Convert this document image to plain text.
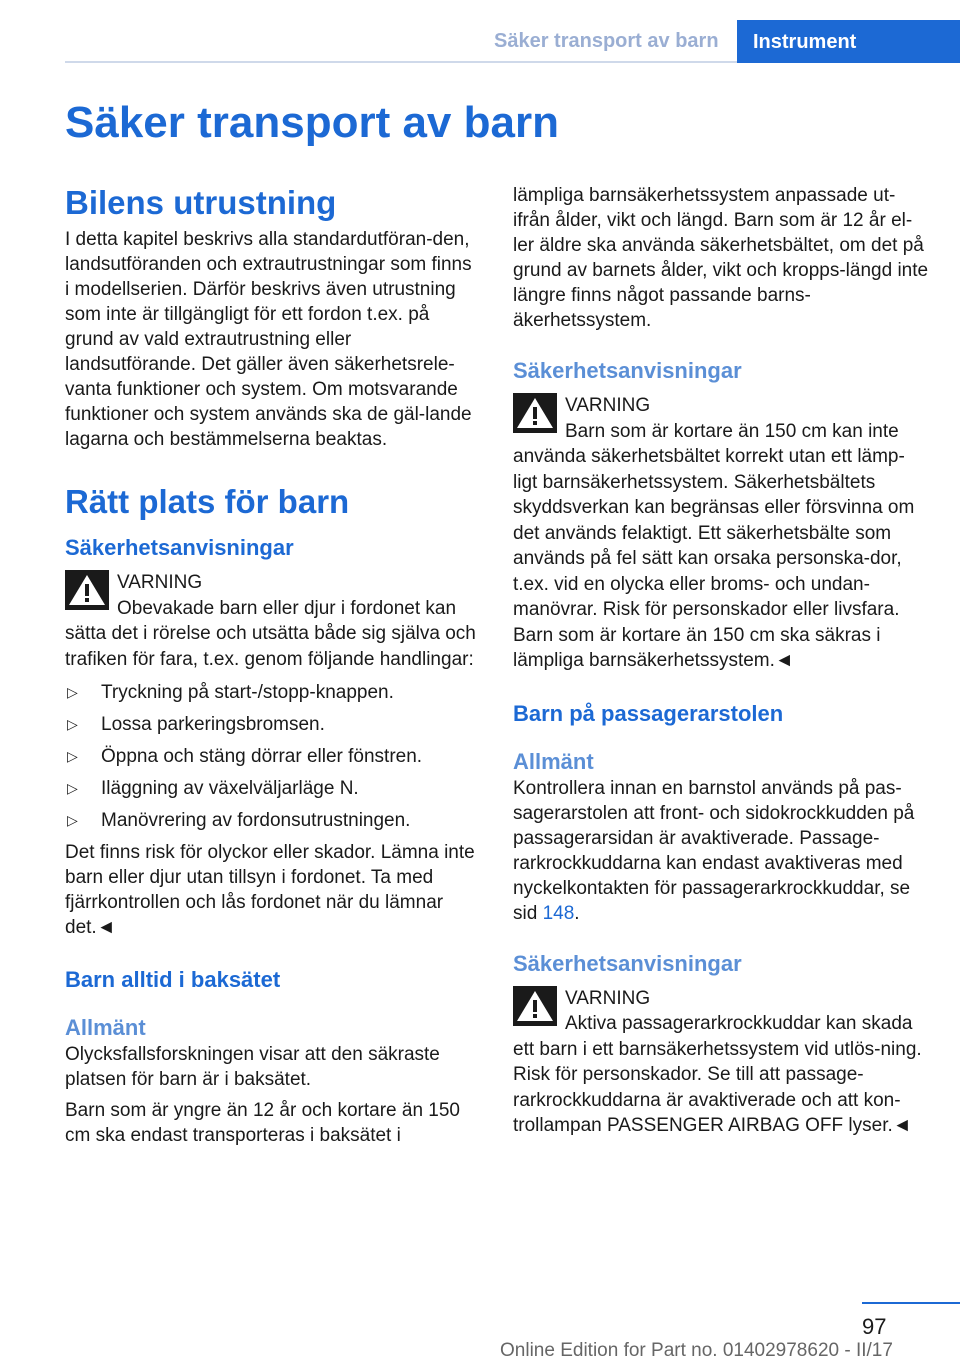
Säker transport av barn	Instrument
Säker transport av barn
Bilens utrustning

I detta kapitel beskrivs alla standardutföran-den, landsutföranden och extrautrustningar som finns i modellserien. Därför beskrivs även utrustning som inte är tillgängligt för ett fordon t.ex. på grund av vald extrautrustning eller landsutförande. Det gäller även säkerhetsrele-vanta funktioner och system. Om motsvarande funktioner och system används ska de gäl-lande lagarna och bestämmelserna beaktas.

Rätt plats för barn
Säkerhetsanvisningar
VARNING
Obevakade barn eller djur i fordonet kan sätta det i rörelse och utsätta både sig själva och trafiken för fara, t.ex. genom följande handlingar:
▷ Tryckning på start-/stopp-knappen.
▷ Lossa parkeringsbromsen.
▷ Öppna och stäng dörrar eller fönstren.
▷ Iläggning av växelväljarläge N.
▷ Manövrering av fordonsutrustningen.

Det finns risk för olyckor eller skador. Lämna inte barn eller djur utan tillsyn i fordonet. Ta med fjärrkontrollen och lås fordonet när du lämnar det.◄

Barn alltid i baksätet
Allmänt

Olycksfallsforskningen visar att den säkraste platsen för barn är i baksätet.

Barn som är yngre än 12 år och kortare än 150 cm ska endast transporteras i baksätet i

lämpliga barnsäkerhetssystem anpassade ut-ifrån ålder, vikt och längd. Barn som är 12 år el-ler äldre ska använda säkerhetsbältet, om det på grund av barnets ålder, vikt och kropps-längd inte längre finns något passande barns-äkerhetssystem.

Säkerhetsanvisningar
VARNING
Barn som är kortare än 150 cm kan inte använda säkerhetsbältet korrekt utan ett lämp-ligt barnsäkerhetssystem. Säkerhetsbältets skyddsverkan kan begränsas eller försvinna om det används felaktigt. Ett säkerhetsbälte som används på fel sätt kan orsaka personska-dor, t.ex. vid en olycka eller broms- och undan-manövrar. Risk för personskador eller livsfara. Barn som är kortare än 150 cm ska säkras i lämpliga barnsäkerhetssystem.◄
Barn på passagerarstolen
Allmänt

Kontrollera innan en barnstol används på pas-sagerarstolen att front- och sidokrockkudden på passagerarsidan är avaktiverade. Passage-rarkrockkuddarna kan endast avaktiveras med nyckelkontakten för passagerarkrockkuddar, se sid 148.

Säkerhetsanvisningar
VARNING
Aktiva passagerarkrockkuddar kan skada ett barn i ett barnsäkerhetssystem vid utlös-ning. Risk för personskador. Se till att passage-rarkrockkuddarna är avaktiverade och att kon-trollampan PASSENGER AIRBAG OFF lyser.◄
97
Online Edition for Part no. 01402978620 - II/17
